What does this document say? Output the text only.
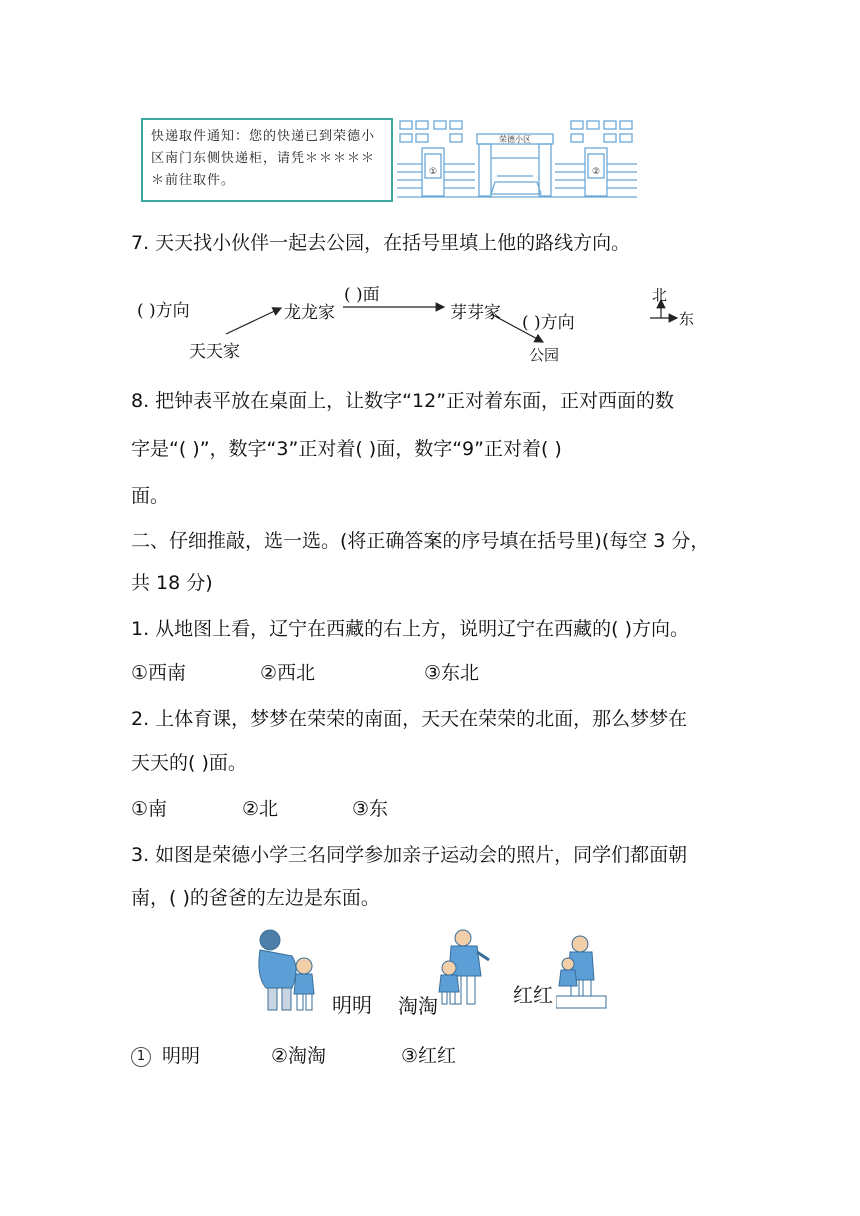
快递取件通知：您的快递已到荣德小区南门东侧快递柜，请凭＊＊＊＊＊＊前往取件。
荣德小区
①	②
7. 天天找小伙伴一起去公园，在括号里填上他的路线方向。
( )方向	龙龙家
( )面
芽芽家
天天家
( )方向
公园
北
东
8. 把钟表平放在桌面上，让数字“12”正对着东面，正对西面的数
字是“( )”，数字“3”正对着( )面，数字“9”正对着( )
面。
二、仔细推敲，选一选。(将正确答案的序号填在括号里)(每空 3 分，
共 18 分)
1. 从地图上看，辽宁在西藏的右上方，说明辽宁在西藏的( )方向。
①西南	②西北	③东北
2. 上体育课，梦梦在荣荣的南面，天天在荣荣的北面，那么梦梦在
天天的( )面。
①南	②北	③东
3. 如图是荣德小学三名同学参加亲子运动会的照片，同学们都面朝
南，( )的爸爸的左边是东面。
明明 淘淘	红红
1 明明	②淘淘	③红红
